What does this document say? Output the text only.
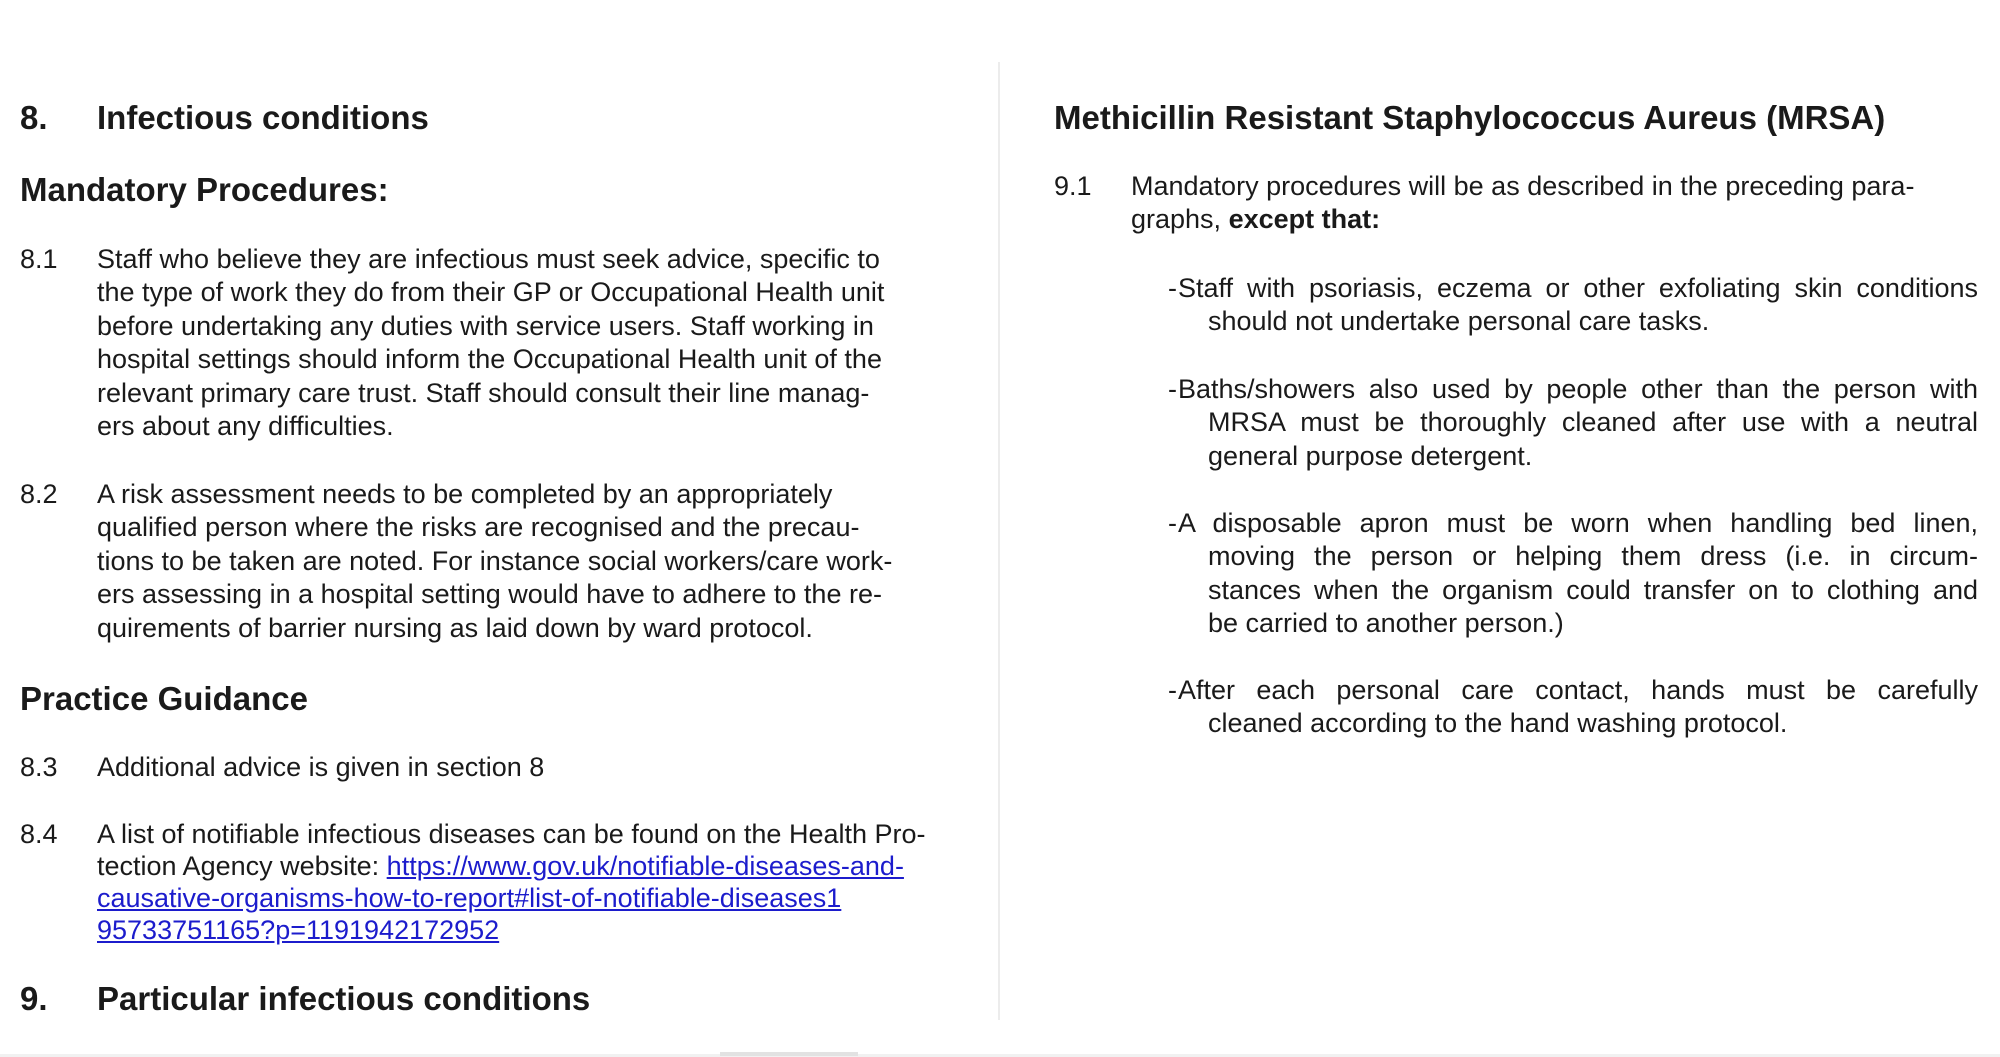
8. Infectious conditions
Mandatory Procedures:
8.1 Staff who believe they are infectious must seek advice, specific to
the type of work they do from their GP or Occupational Health unit
before undertaking any duties with service users. Staff working in
hospital settings should inform the Occupational Health unit of the
relevant primary care trust. Staff should consult their line manag-
ers about any difficulties.
8.2 A risk assessment needs to be completed by an appropriately
qualified person where the risks are recognised and the precau-
tions to be taken are noted. For instance social workers/care work-
ers assessing in a hospital setting would have to adhere to the re-
quirements of barrier nursing as laid down by ward protocol.
Practice Guidance
8.3 Additional advice is given in section 8
8.4 A list of notifiable infectious diseases can be found on the Health Pro-
tection Agency website: https://www.gov.uk/notifiable-diseases-and-
causative-organisms-how-to-report#list-of-notifiable-diseases1
95733751165?p=1191942172952
9. Particular infectious conditions
Methicillin Resistant Staphylococcus Aureus (MRSA)
9.1 Mandatory procedures will be as described in the preceding para-
graphs, except that:
- Staff with psoriasis, eczema or other exfoliating skin conditions
should not undertake personal care tasks.
- Baths/showers also used by people other than the person with
MRSA must be thoroughly cleaned after use with a neutral
general purpose detergent.
- A disposable apron must be worn when handling bed linen,
moving the person or helping them dress (i.e. in circum-
stances when the organism could transfer on to clothing and
be carried to another person.)
- After each personal care contact, hands must be carefully
cleaned according to the hand washing protocol.
